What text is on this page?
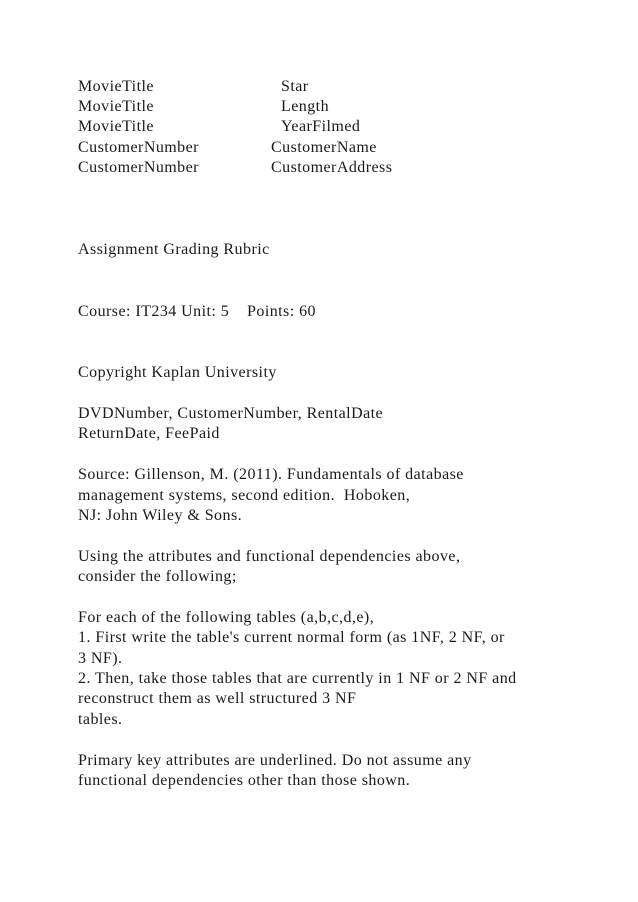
MovieTitle	Star
MovieTitle	Length
MovieTitle	YearFilmed
CustomerNumber	CustomerName
CustomerNumber	CustomerAddress
Assignment Grading Rubric
Course: IT234 Unit: 5    Points: 60
Copyright Kaplan University
DVDNumber, CustomerNumber, RentalDate
ReturnDate, FeePaid
Source: Gillenson, M. (2011). Fundamentals of database
management systems, second edition.  Hoboken,
NJ: John Wiley & Sons.
Using the attributes and functional dependencies above,
consider the following;
For each of the following tables (a,b,c,d,e),
1. First write the table's current normal form (as 1NF, 2 NF, or
3 NF).
2. Then, take those tables that are currently in 1 NF or 2 NF and
reconstruct them as well structured 3 NF
tables.
Primary key attributes are underlined. Do not assume any
functional dependencies other than those shown.
